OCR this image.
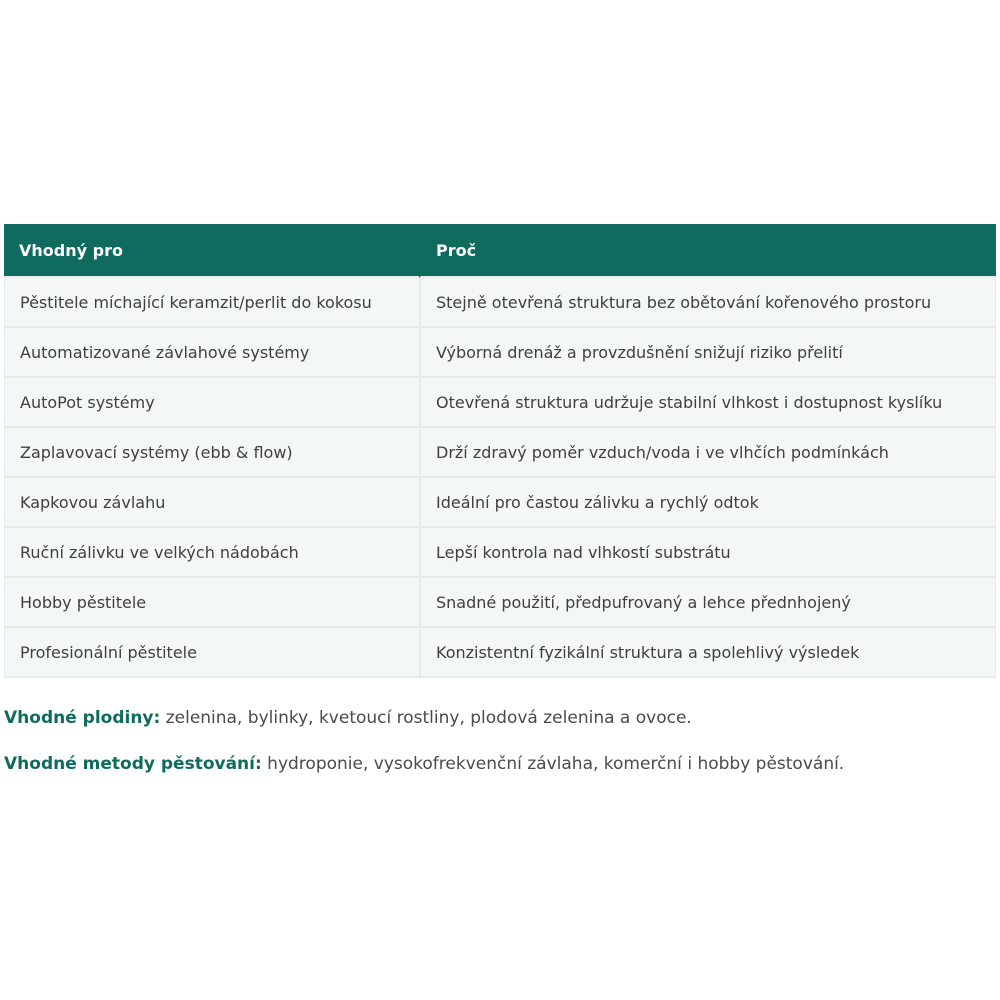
Vhodný pro	Proč
Pěstitele míchající keramzit/perlit do kokosu	Stejně otevřená struktura bez obětování kořenového prostoru
Automatizované závlahové systémy	Výborná drenáž a provzdušnění snižují riziko přelití
AutoPot systémy	Otevřená struktura udržuje stabilní vlhkost i dostupnost kyslíku
Zaplavovací systémy (ebb & flow)	Drží zdravý poměr vzduch/voda i ve vlhčích podmínkách
Kapkovou závlahu	Ideální pro častou zálivku a rychlý odtok
Ruční zálivku ve velkých nádobách	Lepší kontrola nad vlhkostí substrátu
Hobby pěstitele	Snadné použití, předpufrovaný a lehce přednhojený
Profesionální pěstitele	Konzistentní fyzikální struktura a spolehlivý výsledek

Vhodné plodiny: zelenina, bylinky, kvetoucí rostliny, plodová zelenina a ovoce.

Vhodné metody pěstování: hydroponie, vysokofrekvenční závlaha, komerční i hobby pěstování.
